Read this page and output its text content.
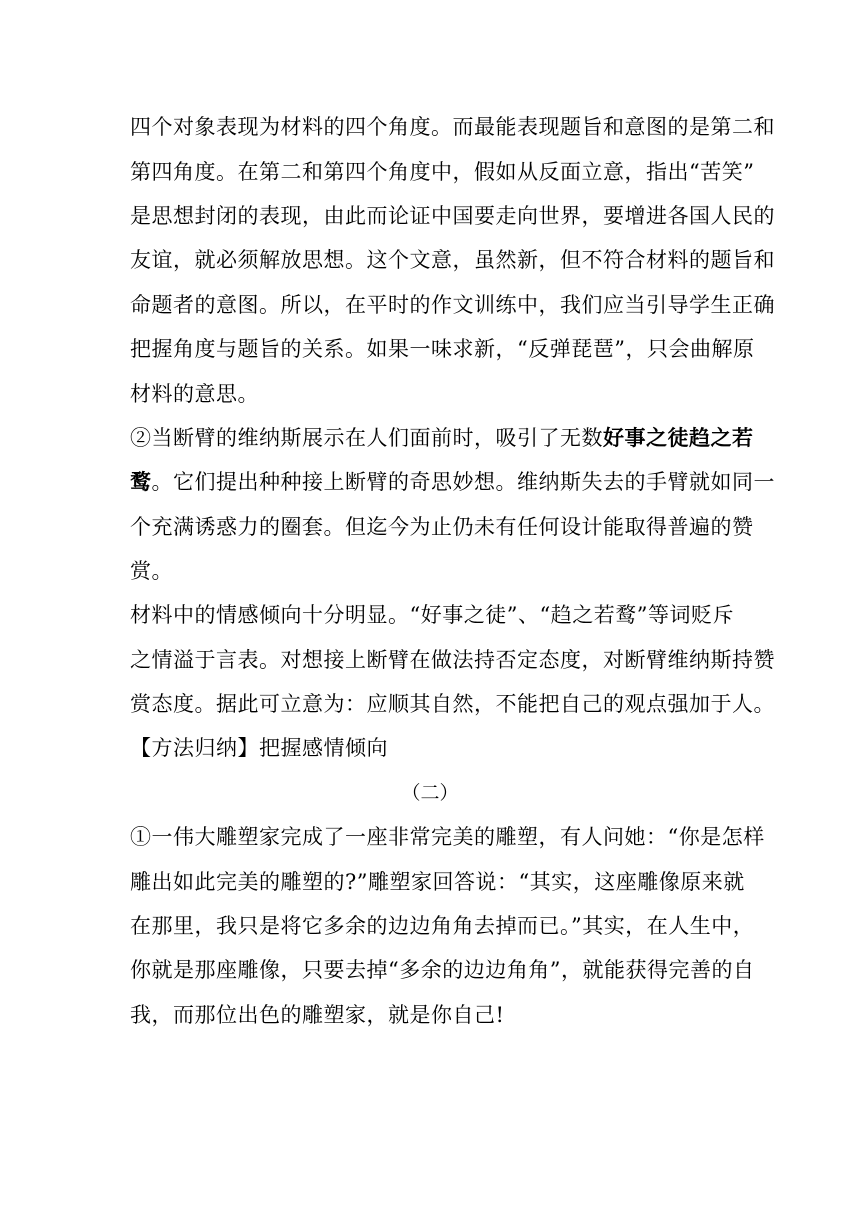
四个对象表现为材料的四个角度。而最能表现题旨和意图的是第二和
第四角度。在第二和第四个角度中，假如从反面立意，指出“苦笑”
是思想封闭的表现，由此而论证中国要走向世界，要增进各国人民的
友谊，就必须解放思想。这个文意，虽然新，但不符合材料的题旨和
命题者的意图。所以，在平时的作文训练中，我们应当引导学生正确
把握角度与题旨的关系。如果一味求新，“反弹琵琶”，只会曲解原
材料的意思。
②当断臂的维纳斯展示在人们面前时，吸引了无数好事之徒趋之若
鹜。它们提出种种接上断臂的奇思妙想。维纳斯失去的手臂就如同一
个充满诱惑力的圈套。但迄今为止仍未有任何设计能取得普遍的赞
赏。
材料中的情感倾向十分明显。“好事之徒”、“趋之若鹜”等词贬斥
之情溢于言表。对想接上断臂在做法持否定态度，对断臂维纳斯持赞
赏态度。据此可立意为：应顺其自然，不能把自己的观点强加于人。
【方法归纳】把握感情倾向
（二）
①一伟大雕塑家完成了一座非常完美的雕塑，有人问她：“你是怎样
雕出如此完美的雕塑的?”雕塑家回答说：“其实，这座雕像原来就
在那里，我只是将它多余的边边角角去掉而已。”其实，在人生中，
你就是那座雕像，只要去掉“多余的边边角角”，就能获得完善的自
我，而那位出色的雕塑家，就是你自己!
